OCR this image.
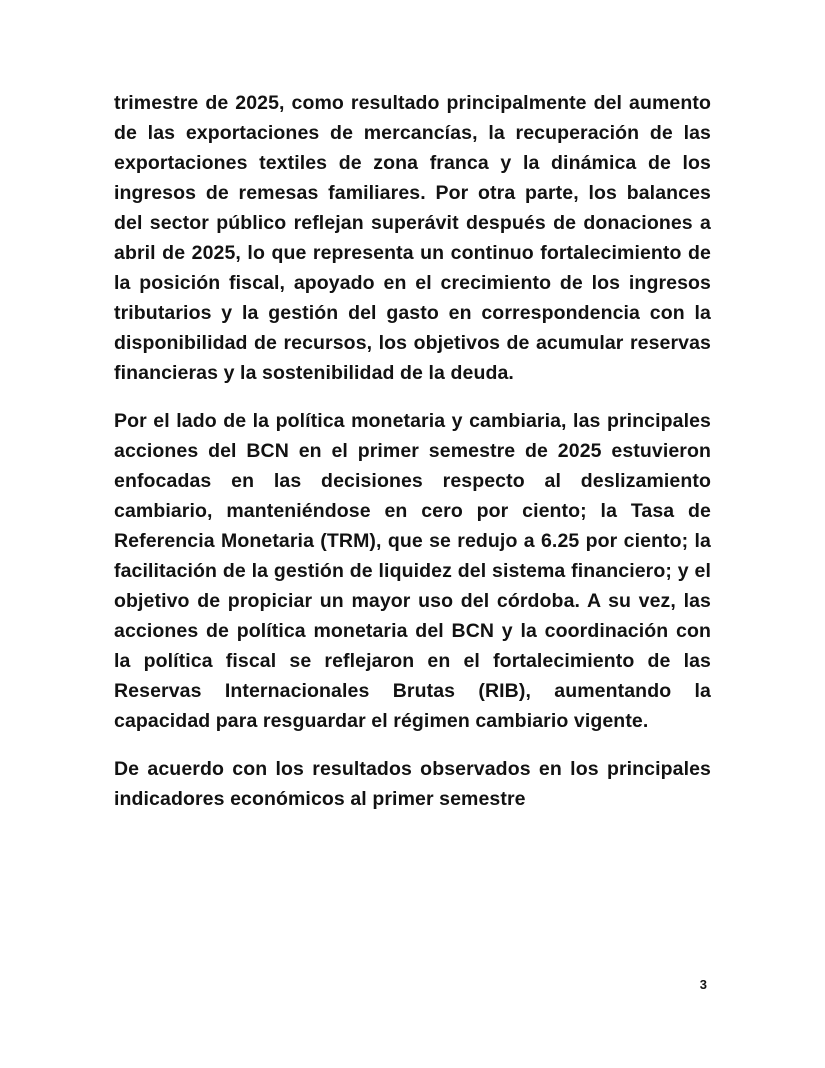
trimestre de 2025, como resultado principalmente del aumento de las exportaciones de mercancías, la recuperación de las exportaciones textiles de zona franca y la dinámica de los ingresos de remesas familiares. Por otra parte, los balances del sector público reflejan superávit después de donaciones a abril de 2025, lo que representa un continuo fortalecimiento de la posición fiscal, apoyado en el crecimiento de los ingresos tributarios y la gestión del gasto en correspondencia con la disponibilidad de recursos, los objetivos de acumular reservas financieras y la sostenibilidad de la deuda.

Por el lado de la política monetaria y cambiaria, las principales acciones del BCN en el primer semestre de 2025 estuvieron enfocadas en las decisiones respecto al deslizamiento cambiario, manteniéndose en cero por ciento; la Tasa de Referencia Monetaria (TRM), que se redujo a 6.25 por ciento; la facilitación de la gestión de liquidez del sistema financiero; y el objetivo de propiciar un mayor uso del córdoba. A su vez, las acciones de política monetaria del BCN y la coordinación con la política fiscal se reflejaron en el fortalecimiento de las Reservas Internacionales Brutas (RIB), aumentando la capacidad para resguardar el régimen cambiario vigente.

De acuerdo con los resultados observados en los principales indicadores económicos al primer semestre

3
